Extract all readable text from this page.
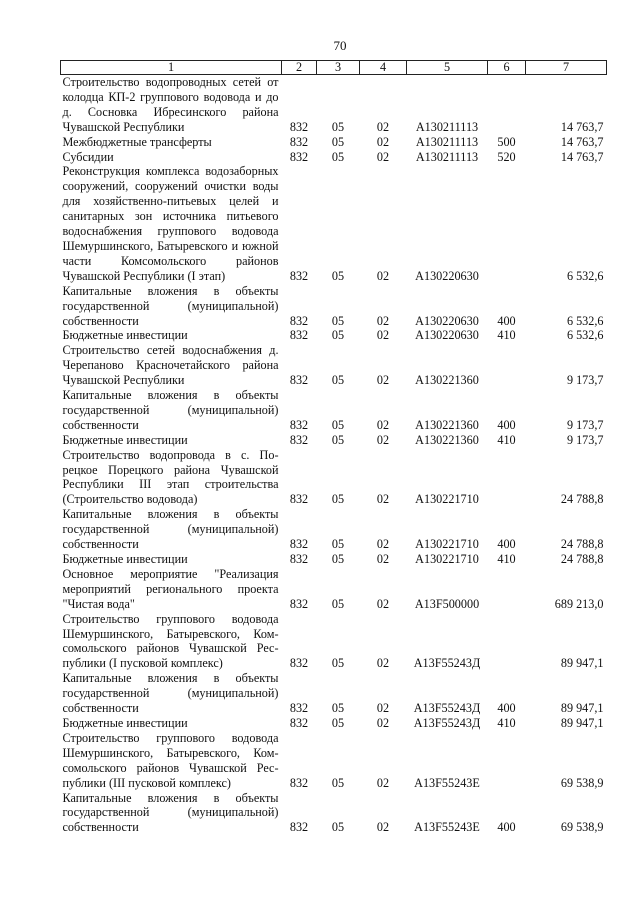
70
1	2	3	4	5	6	7
Строительство водопроводных сетей от колодца КП-2 группового водовода и до д. Сосновка Ибресинского района Чувашской Республики	832	05	02	А130211113		14 763,7
Межбюджетные трансферты	832	05	02	А130211113	500	14 763,7
Субсидии	832	05	02	А130211113	520	14 763,7
Реконструкция комплекса водозаборных сооружений, сооружений очистки воды для хозяйственно-питьевых целей и санитарных зон источника питьевого водоснабжения группового водовода Шемуршинского, Батыревского и южной части Комсомольского районов Чувашской Республики (I этап)	832	05	02	А130220630		6 532,6
Капитальные вложения в объекты государственной (муниципальной) собственности	832	05	02	А130220630	400	6 532,6
Бюджетные инвестиции	832	05	02	А130220630	410	6 532,6
Строительство сетей водоснабжения д. Черепаново Красночетайского района Чувашской Республики	832	05	02	А130221360		9 173,7
Капитальные вложения в объекты государственной (муниципальной) собственности	832	05	02	А130221360	400	9 173,7
Бюджетные инвестиции	832	05	02	А130221360	410	9 173,7
Строительство водопровода в с. Порецкое Порецкого района Чувашской Республики III этап строительства (Строительство водовода)	832	05	02	А130221710		24 788,8
Капитальные вложения в объекты государственной (муниципальной) собственности	832	05	02	А130221710	400	24 788,8
Бюджетные инвестиции	832	05	02	А130221710	410	24 788,8
Основное мероприятие "Реализация мероприятий регионального проекта "Чистая вода"	832	05	02	А13F500000		689 213,0
Строительство группового водовода Шемуршинского, Батыревского, Комсомольского районов Чувашской Республики (I пусковой комплекс)	832	05	02	А13F55243Д		89 947,1
Капитальные вложения в объекты государственной (муниципальной) собственности	832	05	02	А13F55243Д	400	89 947,1
Бюджетные инвестиции	832	05	02	А13F55243Д	410	89 947,1
Строительство группового водовода Шемуршинского, Батыревского, Комсомольского районов Чувашской Республики (III пусковой комплекс)	832	05	02	А13F55243Е		69 538,9
Капитальные вложения в объекты государственной (муниципальной) собственности	832	05	02	А13F55243Е	400	69 538,9
